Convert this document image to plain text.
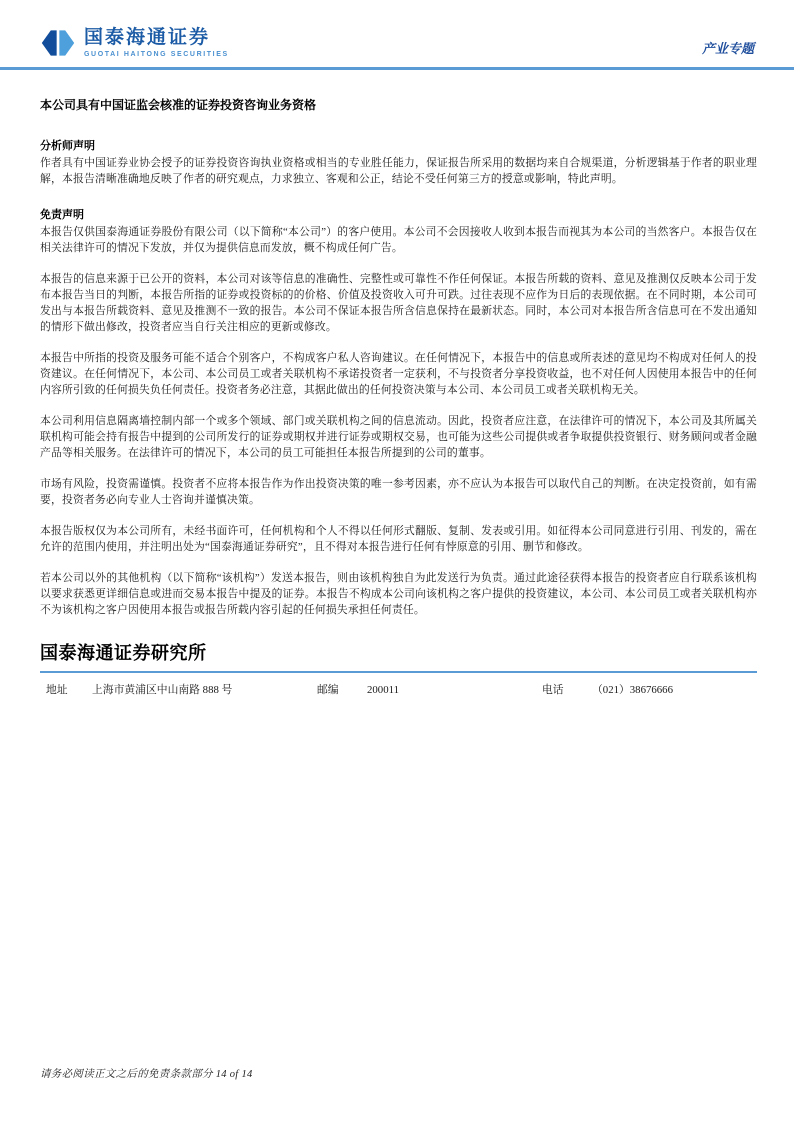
国泰海通证券
GUOTAI HAITONG SECURITIES	产业专题
本公司具有中国证监会核准的证券投资咨询业务资格
分析师声明

作者具有中国证券业协会授予的证券投资咨询执业资格或相当的专业胜任能力，保证报告所采用的数据均来自合规渠道，分析逻辑基于作者的职业理解，本报告清晰准确地反映了作者的研究观点，力求独立、客观和公正，结论不受任何第三方的授意或影响，特此声明。

免责声明

本报告仅供国泰海通证券股份有限公司（以下简称“本公司”）的客户使用。本公司不会因接收人收到本报告而视其为本公司的当然客户。本报告仅在相关法律许可的情况下发放，并仅为提供信息而发放，概不构成任何广告。

本报告的信息来源于已公开的资料，本公司对该等信息的准确性、完整性或可靠性不作任何保证。本报告所载的资料、意见及推测仅反映本公司于发布本报告当日的判断，本报告所指的证券或投资标的的价格、价值及投资收入可升可跌。过往表现不应作为日后的表现依据。在不同时期，本公司可发出与本报告所载资料、意见及推测不一致的报告。本公司不保证本报告所含信息保持在最新状态。同时，本公司对本报告所含信息可在不发出通知的情形下做出修改，投资者应当自行关注相应的更新或修改。

本报告中所指的投资及服务可能不适合个别客户，不构成客户私人咨询建议。在任何情况下，本报告中的信息或所表述的意见均不构成对任何人的投资建议。在任何情况下，本公司、本公司员工或者关联机构不承诺投资者一定获利，不与投资者分享投资收益，也不对任何人因使用本报告中的任何内容所引致的任何损失负任何责任。投资者务必注意，其据此做出的任何投资决策与本公司、本公司员工或者关联机构无关。

本公司利用信息隔离墙控制内部一个或多个领域、部门或关联机构之间的信息流动。因此，投资者应注意，在法律许可的情况下，本公司及其所属关联机构可能会持有报告中提到的公司所发行的证券或期权并进行证券或期权交易，也可能为这些公司提供或者争取提供投资银行、财务顾问或者金融产品等相关服务。在法律许可的情况下，本公司的员工可能担任本报告所提到的公司的董事。

市场有风险，投资需谨慎。投资者不应将本报告作为作出投资决策的唯一参考因素，亦不应认为本报告可以取代自己的判断。在决定投资前，如有需要，投资者务必向专业人士咨询并谨慎决策。

本报告版权仅为本公司所有，未经书面许可，任何机构和个人不得以任何形式翻版、复制、发表或引用。如征得本公司同意进行引用、刊发的，需在允许的范围内使用，并注明出处为“国泰海通证券研究”，且不得对本报告进行任何有悖原意的引用、删节和修改。

若本公司以外的其他机构（以下简称“该机构”）发送本报告，则由该机构独自为此发送行为负责。通过此途径获得本报告的投资者应自行联系该机构以要求获悉更详细信息或进而交易本报告中提及的证券。本报告不构成本公司向该机构之客户提供的投资建议，本公司、本公司员工或者关联机构亦不为该机构之客户因使用本报告或报告所载内容引起的任何损失承担任何责任。

国泰海通证券研究所
地址	上海市黄浦区中山南路 888 号	邮编	200011	电话	（021）38676666
请务必阅读正文之后的免责条款部分 14 of 14
